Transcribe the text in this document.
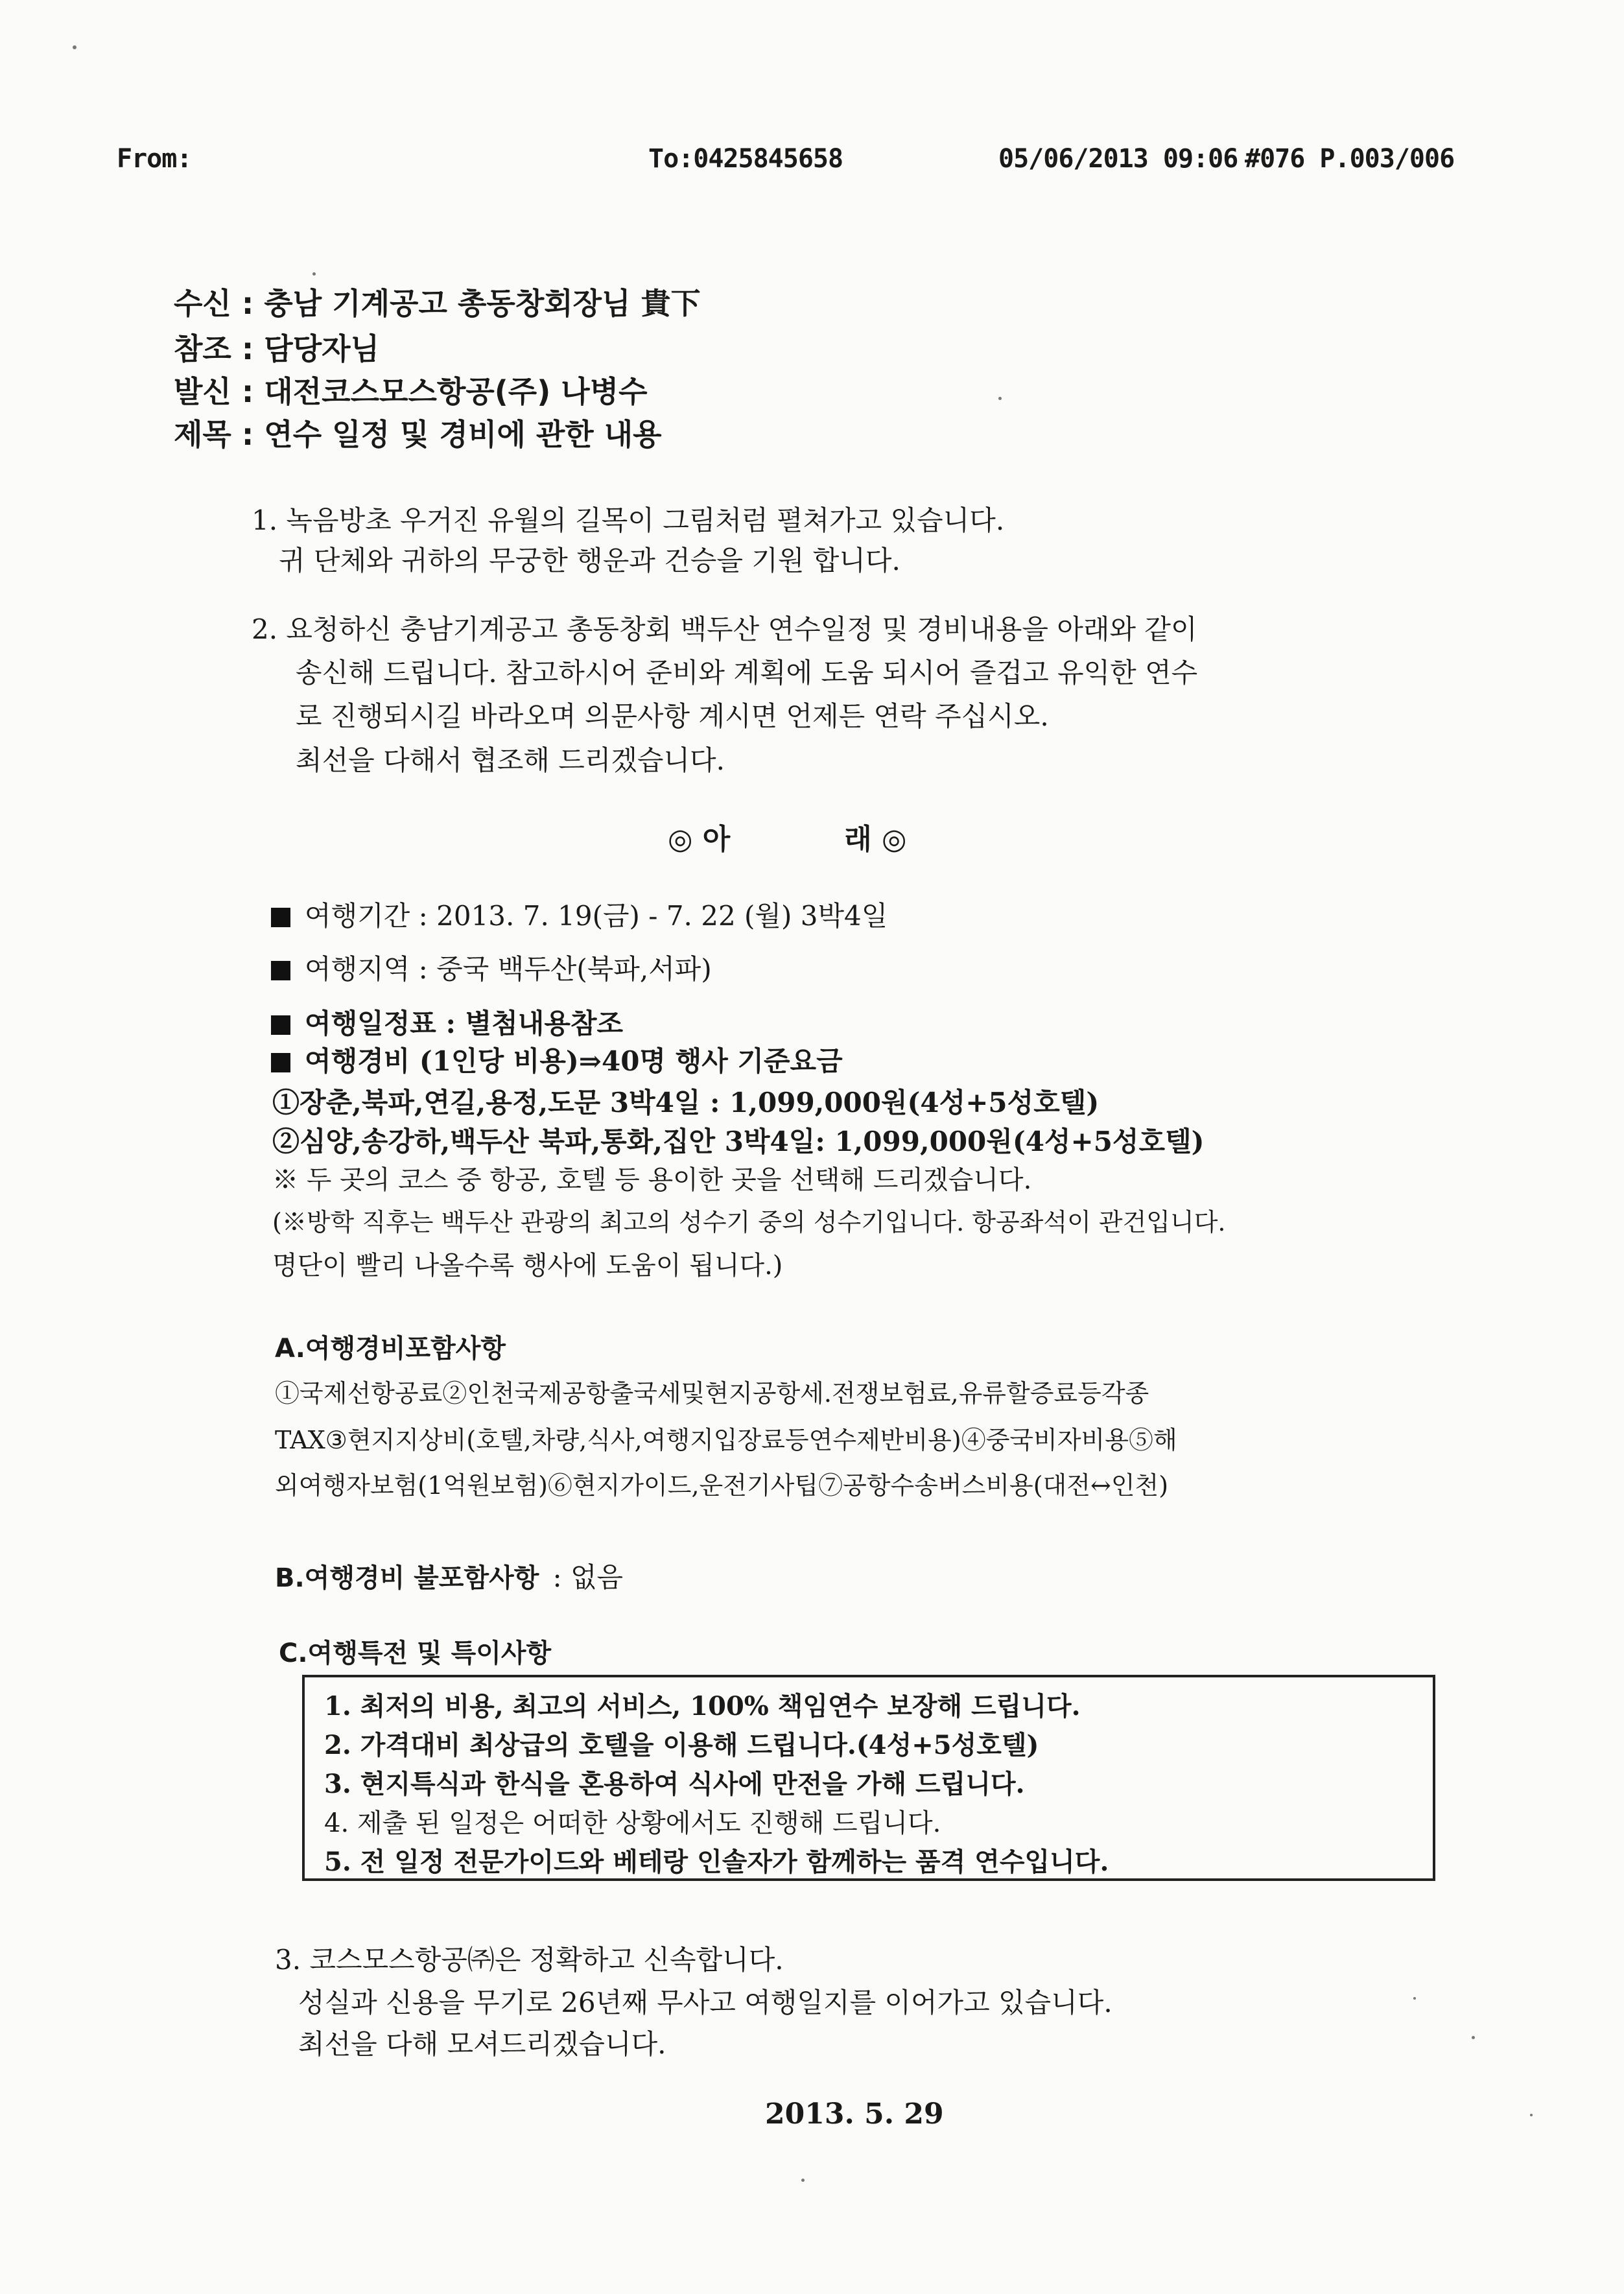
From:	To:0425845658	05/06/2013 09:06 #076 P.003/006
수신 : 충남 기계공고 총동창회장님 貴下
참조 : 담당자님
발신 : 대전코스모스항공(주) 나병수
제목 : 연수 일정 및 경비에 관한 내용
1. 녹음방초 우거진 유월의 길목이 그림처럼 펼쳐가고 있습니다.
귀 단체와 귀하의 무궁한 행운과 건승을 기원 합니다.
2. 요청하신 충남기계공고 총동창회 백두산 연수일정 및 경비내용을 아래와 같이
송신해 드립니다. 참고하시어 준비와 계획에 도움 되시어 즐겁고 유익한 연수
로 진행되시길 바라오며 의문사항 계시면 언제든 연락 주십시오.
최선을 다해서 협조해 드리겠습니다.
◎ 아　　　　래 ◎
여행기간 : 2013. 7. 19(금) - 7. 22 (월) 3박4일
여행지역 : 중국 백두산(북파,서파)
여행일정표 : 별첨내용참조
여행경비 (1인당 비용)⇒40명 행사 기준요금
①장춘,북파,연길,용정,도문 3박4일 : 1,099,000원(4성+5성호텔)
②심양,송강하,백두산 북파,통화,집안 3박4일: 1,099,000원(4성+5성호텔)
※ 두 곳의 코스 중 항공, 호텔 등 용이한 곳을 선택해 드리겠습니다.
(※방학 직후는 백두산 관광의 최고의 성수기 중의 성수기입니다. 항공좌석이 관건입니다.
명단이 빨리 나올수록 행사에 도움이 됩니다.)
A.여행경비포함사항
①국제선항공료②인천국제공항출국세및현지공항세.전쟁보험료,유류할증료등각종
TAX③현지지상비(호텔,차량,식사,여행지입장료등연수제반비용)④중국비자비용⑤해
외여행자보험(1억원보험)⑥현지가이드,운전기사팁⑦공항수송버스비용(대전↔인천)
B.여행경비 불포함사항 : 없음
C.여행특전 및 특이사항
1. 최저의 비용, 최고의 서비스, 100% 책임연수 보장해 드립니다.
2. 가격대비 최상급의 호텔을 이용해 드립니다.(4성+5성호텔)
3. 현지특식과 한식을 혼용하여 식사에 만전을 가해 드립니다.
4. 제출 된 일정은 어떠한 상황에서도 진행해 드립니다.
5. 전 일정 전문가이드와 베테랑 인솔자가 함께하는 품격 연수입니다.
3. 코스모스항공㈜은 정확하고 신속합니다.
성실과 신용을 무기로 26년째 무사고 여행일지를 이어가고 있습니다.
최선을 다해 모셔드리겠습니다.
2013. 5. 29
